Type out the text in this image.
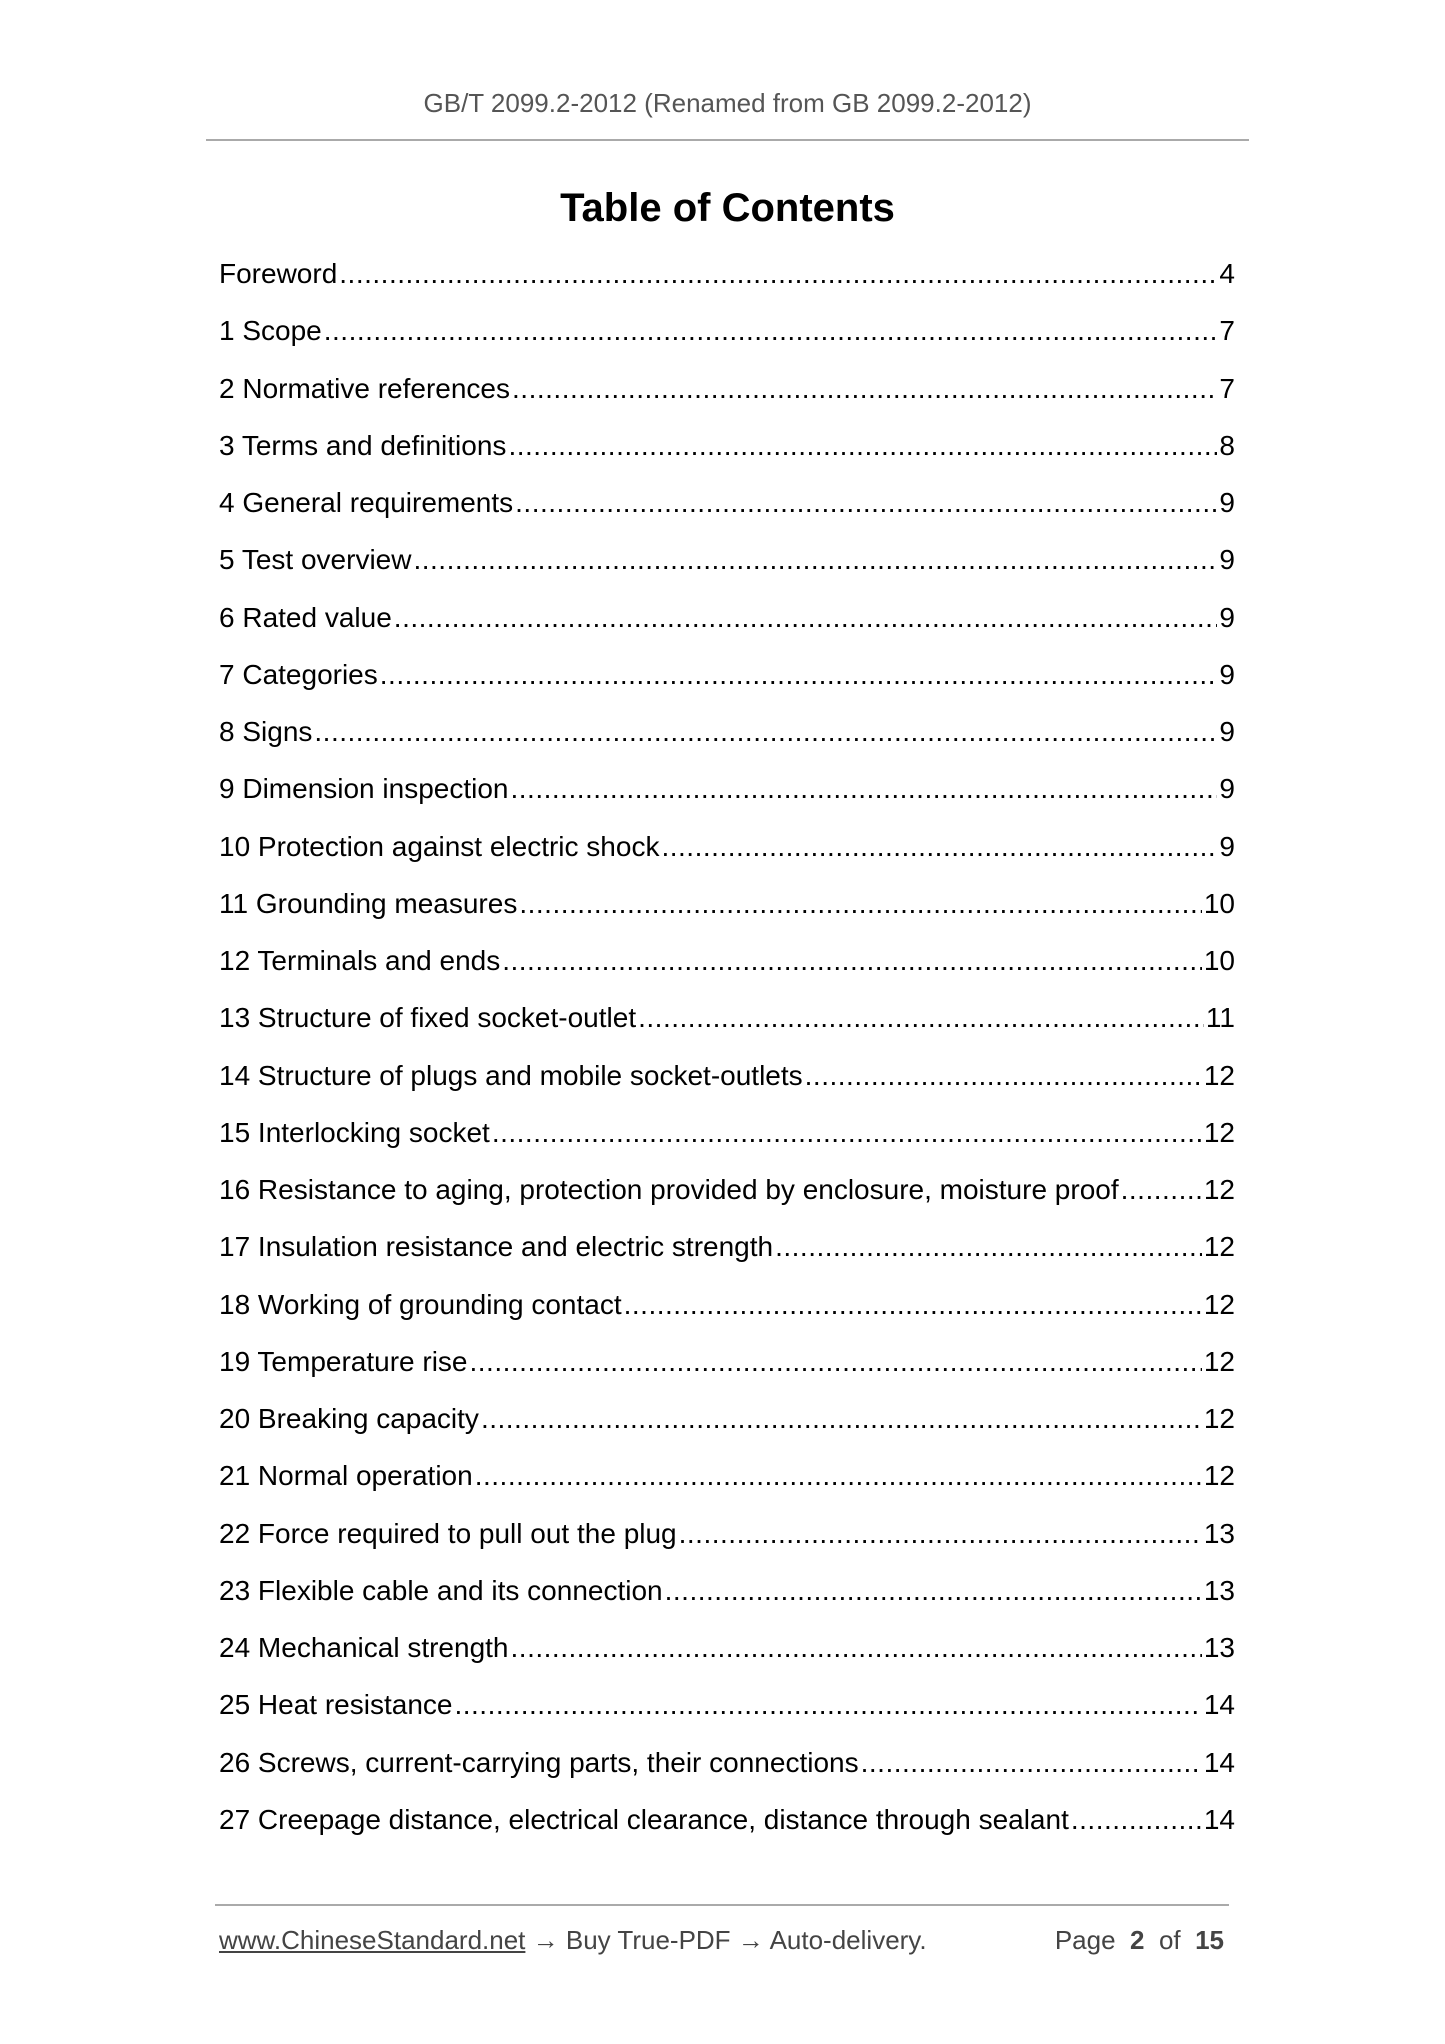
GB/T 2099.2-2012 (Renamed from GB 2099.2-2012)
Table of Contents
Foreword .....	4
1 Scope .....	7
2 Normative references .....	7
3 Terms and definitions .....	8
4 General requirements .....	9
5 Test overview .....	9
6 Rated value .....	9
7 Categories .....	9
8 Signs .....	9
9 Dimension inspection .....	9
10 Protection against electric shock .....	9
11 Grounding measures .....	10
12 Terminals and ends .....	10
13 Structure of fixed socket-outlet .....	11
14 Structure of plugs and mobile socket-outlets .....	12
15 Interlocking socket .....	12
16 Resistance to aging, protection provided by enclosure, moisture proof .....	12
17 Insulation resistance and electric strength .....	12
18 Working of grounding contact .....	12
19 Temperature rise .....	12
20 Breaking capacity .....	12
21 Normal operation .....	12
22 Force required to pull out the plug .....	13
23 Flexible cable and its connection .....	13
24 Mechanical strength .....	13
25 Heat resistance .....	14
26 Screws, current-carrying parts, their connections .....	14
27 Creepage distance, electrical clearance, distance through sealant .....	14
www.ChineseStandard.net → Buy True-PDF → Auto-delivery.	Page 2 of 15
